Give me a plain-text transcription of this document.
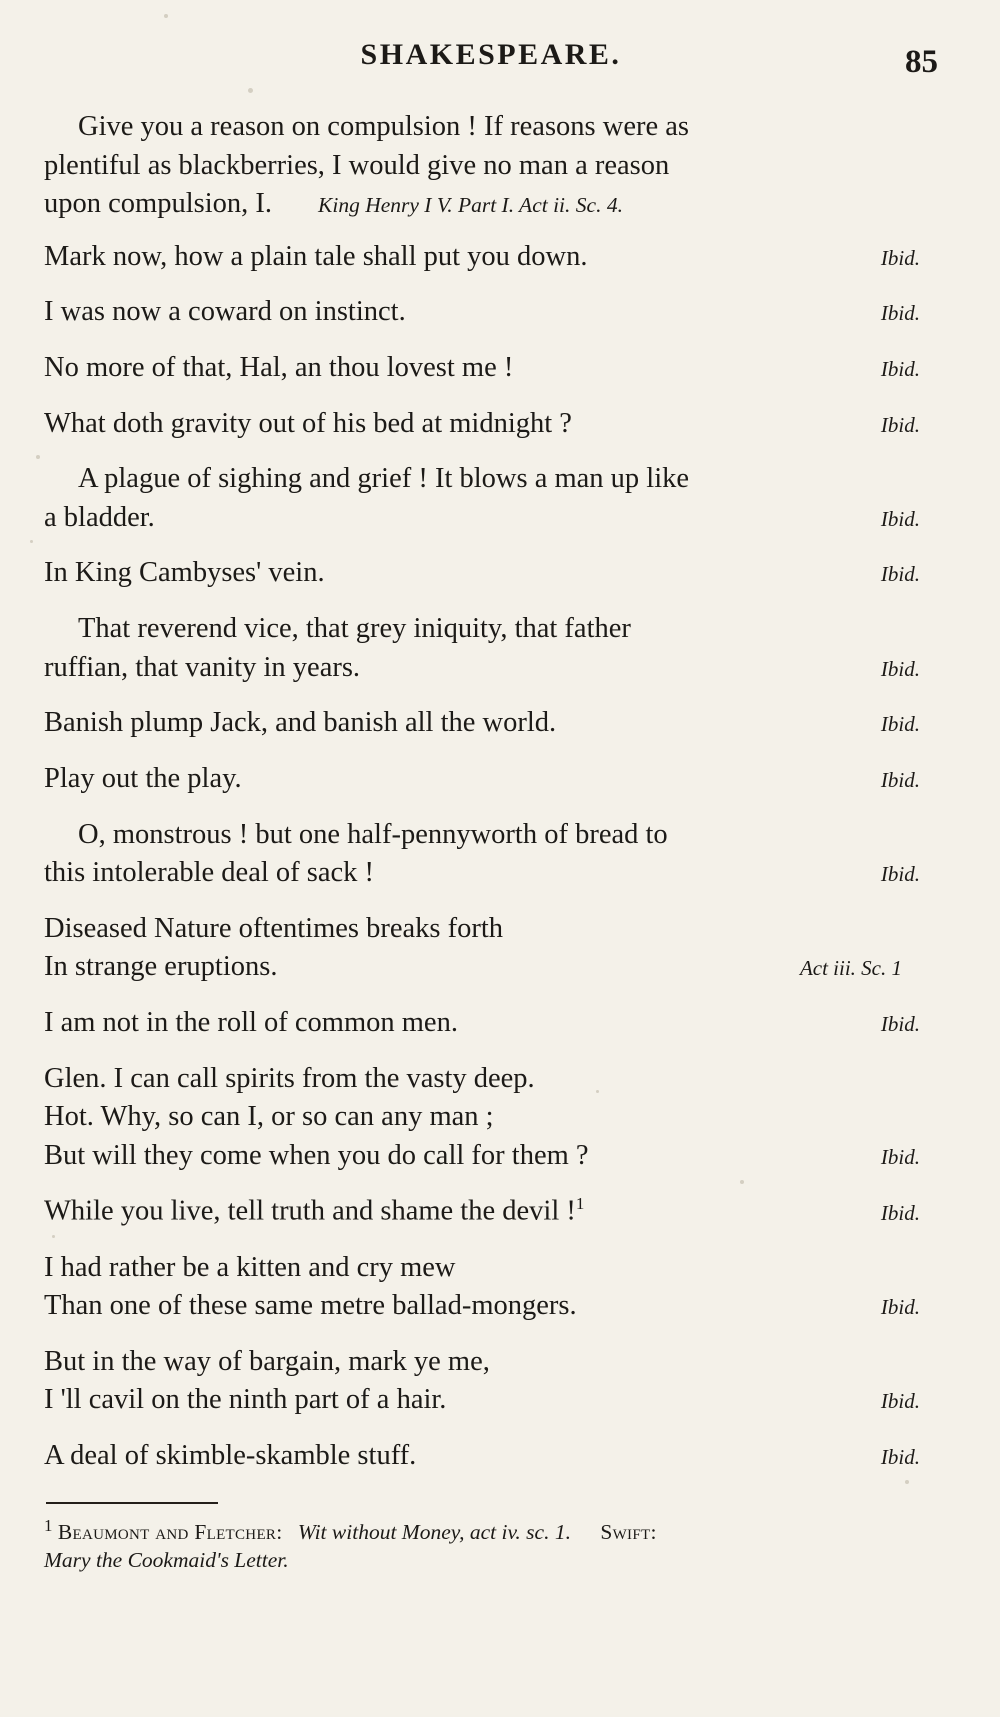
SHAKESPEARE.	85
Give you a reason on compulsion ! If reasons were as
plentiful as blackberries, I would give no man a reason
upon compulsion, I. King Henry I V. Part I. Act ii. Sc. 4.
Mark now, how a plain tale shall put you down.	Ibid.
I was now a coward on instinct.	Ibid.
No more of that, Hal, an thou lovest me !	Ibid.
What doth gravity out of his bed at midnight ?	Ibid.
A plague of sighing and grief ! It blows a man up like
a bladder.	Ibid.
In King Cambyses' vein.	Ibid.
That reverend vice, that grey iniquity, that father
ruffian, that vanity in years.	Ibid.
Banish plump Jack, and banish all the world.	Ibid.
Play out the play.	Ibid.
O, monstrous ! but one half-pennyworth of bread to
this intolerable deal of sack !	Ibid.
Diseased Nature oftentimes breaks forth
In strange eruptions.	Act iii. Sc. 1
I am not in the roll of common men.	Ibid.
Glen. I can call spirits from the vasty deep.
Hot. Why, so can I, or so can any man ;
But will they come when you do call for them ?	Ibid.
While you live, tell truth and shame the devil !$^1$	Ibid.
I had rather be a kitten and cry mew
Than one of these same metre ballad-mongers.	Ibid.
But in the way of bargain, mark ye me,
I 'll cavil on the ninth part of a hair.	Ibid.
A deal of skimble-skamble stuff.	Ibid.
$^1$ Beaumont and Fletcher: Wit without Money, act iv. sc. 1. Swift:
Mary the Cookmaid's Letter.
